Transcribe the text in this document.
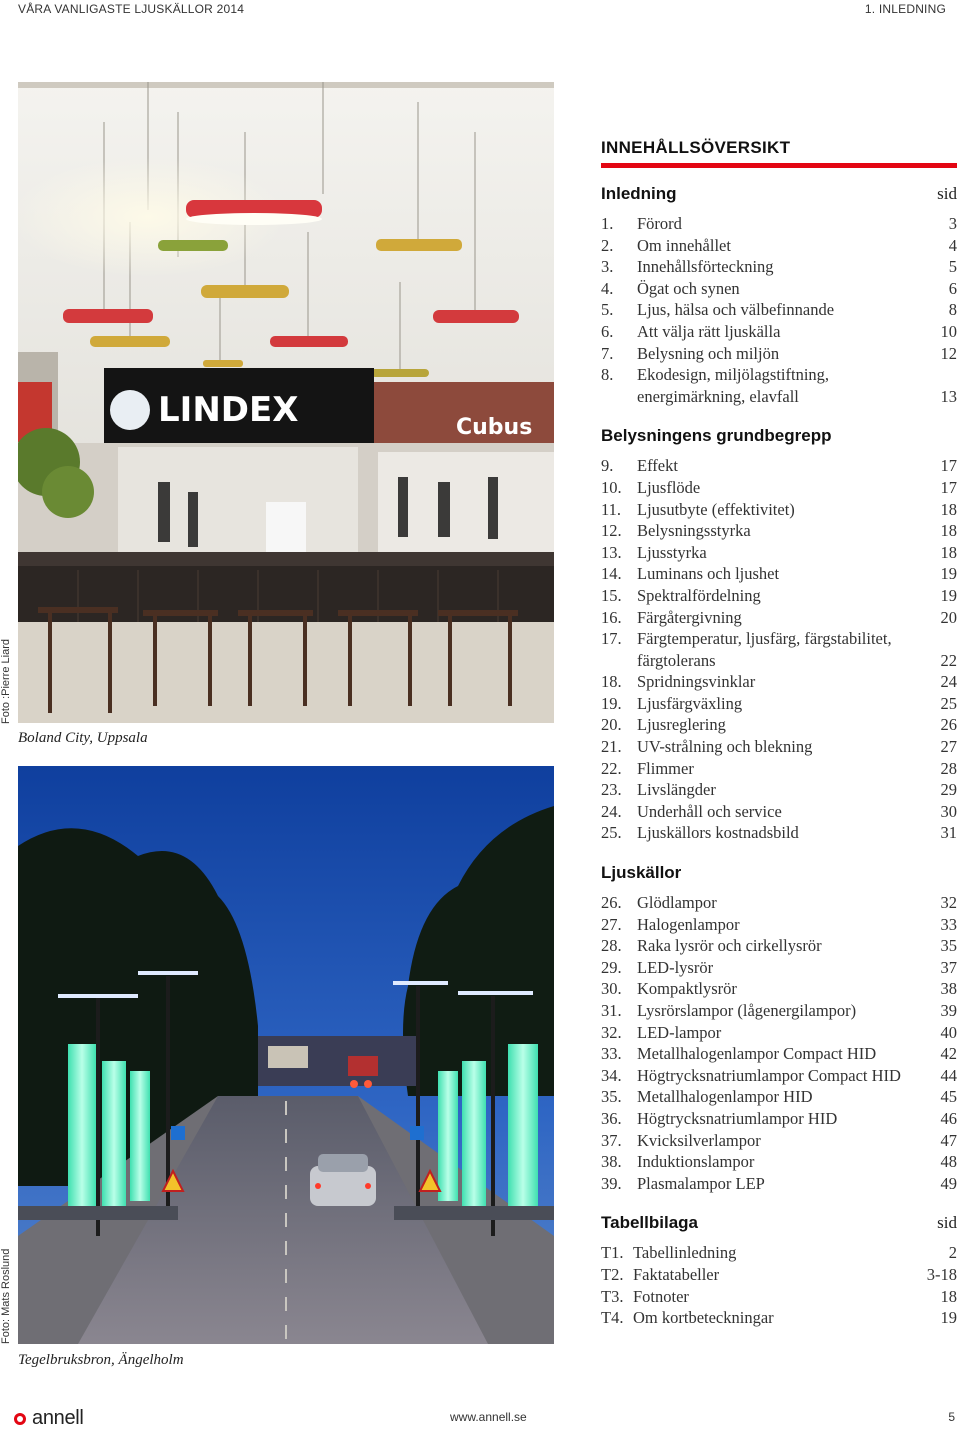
VÅRA VANLIGASTE LJUSKÄLLOR 2014	1. INLEDNING
LINDEX	Cubus
Foto :Pierre Liard
Boland City, Uppsala
Foto: Mats Roslund
Tegelbruksbron, Ängelholm
INNEHÅLLSÖVERSIKT
Inledning	sid
1.	Förord	3
2.	Om innehållet	4
3.	Innehållsförteckning	5
4.	Ögat och synen	6
5.	Ljus, hälsa och välbefinnande	8
6.	Att välja rätt ljuskälla	10
7.	Belysning och miljön	12
8.	Ekodesign, miljölagstiftning,
energimärkning, elavfall	13
Belysningens grundbegrepp
9.	Effekt	17
10. Ljusflöde	17
11. Ljusutbyte (effektivitet)	18
12. Belysningsstyrka	18
13. Ljusstyrka	18
14. Luminans och ljushet	19
15. Spektralfördelning	19
16. Färgåtergivning	20
17. Färgtemperatur, ljusfärg, färgstabilitet,
färgtolerans	22
18. Spridningsvinklar	24
19. Ljusfärgväxling	25
20. Ljusreglering	26
21. UV-strålning och blekning	27
22. Flimmer	28
23. Livslängder	29
24. Underhåll och service	30
25. Ljuskällors kostnadsbild	31
Ljuskällor
26. Glödlampor	32
27. Halogenlampor	33
28. Raka lysrör och cirkellysrör	35
29. LED-lysrör	37
30. Kompaktlysrör	38
31. Lysrörslampor (lågenergilampor)	39
32. LED-lampor	40
33. Metallhalogenlampor Compact HID	42
34. Högtrycksnatriumlampor Compact HID	44
35. Metallhalogenlampor HID	45
36. Högtrycksnatriumlampor HID	46
37. Kvicksilverlampor	47
38. Induktionslampor	48
39. Plasmalampor LEP	49
Tabellbilaga	sid
T1. Tabellinledning	2
T2. Faktatabeller	3-18
T3. Fotnoter	18
T4. Om kortbeteckningar	19
annell	www.annell.se	5
